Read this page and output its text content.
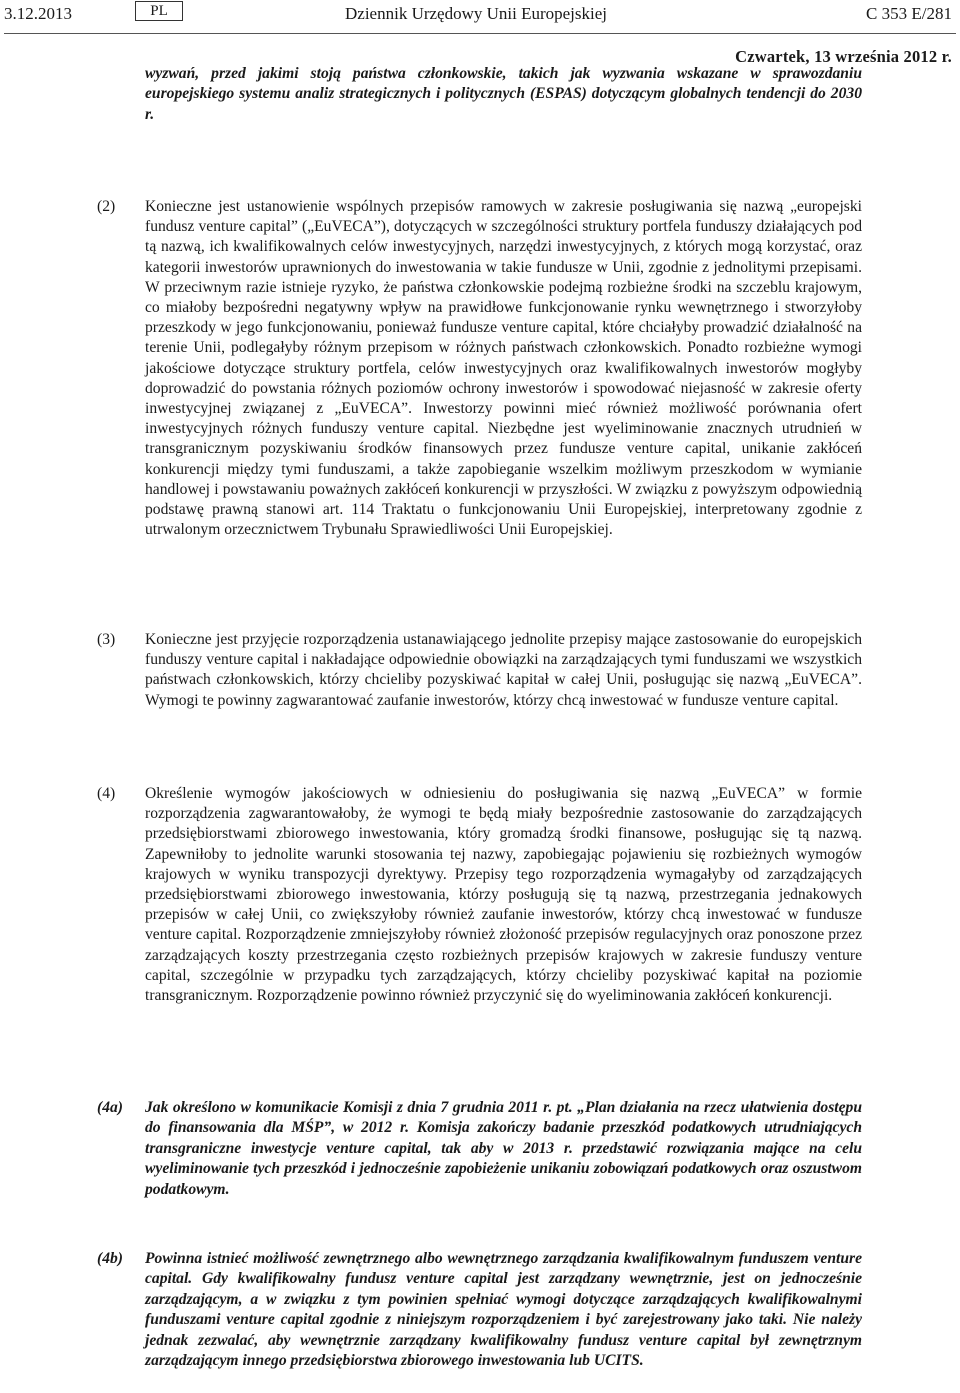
3.12.2013	PL	Dziennik Urzędowy Unii Europejskiej	C 353 E/281
Czwartek, 13 września 2012 r.

wyzwań, przed jakimi stoją państwa członkowskie, takich jak wyzwania wskazane w sprawozdaniu europejskiego systemu analiz strategicznych i politycznych (ESPAS) dotyczącym globalnych tendencji do 2030 r.

(2)	Konieczne jest ustanowienie wspólnych przepisów ramowych w zakresie posługiwania się nazwą „europejski fundusz venture capital” („EuVECA”), dotyczących w szczególności struktury portfela funduszy działających pod tą nazwą, ich kwalifikowalnych celów inwestycyjnych, narzędzi inwestycyjnych, z których mogą korzystać, oraz kategorii inwestorów uprawnionych do inwestowania w takie fundusze w Unii, zgodnie z jednolitymi przepisami. W przeciwnym razie istnieje ryzyko, że państwa członkowskie podejmą rozbieżne środki na szczeblu krajowym, co miałoby bezpośredni negatywny wpływ na prawidłowe funkcjonowanie rynku wewnętrznego i stworzyłoby przeszkody w jego funkcjonowaniu, ponieważ fundusze venture capital, które chciałyby prowadzić działalność na terenie Unii, podlegałyby różnym przepisom w różnych państwach członkowskich. Ponadto rozbieżne wymogi jakościowe dotyczące struktury portfela, celów inwestycyjnych oraz kwalifikowalnych inwestorów mogłyby doprowadzić do powstania różnych poziomów ochrony inwestorów i spowodować niejasność w zakresie oferty inwestycyjnej związanej z „EuVECA”. Inwestorzy powinni mieć również możliwość porównania ofert inwestycyjnych różnych funduszy venture capital. Niezbędne jest wyeliminowanie znacznych utrudnień w transgranicznym pozyskiwaniu środków finansowych przez fundusze venture capital, unikanie zakłóceń konkurencji między tymi funduszami, a także zapobieganie wszelkim możliwym przeszkodom w wymianie handlowej i powstawaniu poważnych zakłóceń konkurencji w przyszłości. W związku z powyższym odpowiednią podstawę prawną stanowi art. 114 Traktatu o funkcjonowaniu Unii Europejskiej, interpretowany zgodnie z utrwalonym orzecznictwem Trybunału Sprawiedliwości Unii Europejskiej.

(3)	Konieczne jest przyjęcie rozporządzenia ustanawiającego jednolite przepisy mające zastosowanie do europejskich funduszy venture capital i nakładające odpowiednie obowiązki na zarządzających tymi funduszami we wszystkich państwach członkowskich, którzy chcieliby pozyskiwać kapitał w całej Unii, posługując się nazwą „EuVECA”. Wymogi te powinny zagwarantować zaufanie inwestorów, którzy chcą inwestować w fundusze venture capital.

(4)	Określenie wymogów jakościowych w odniesieniu do posługiwania się nazwą „EuVECA” w formie rozporządzenia zagwarantowałoby, że wymogi te będą miały bezpośrednie zastosowanie do zarządzających przedsiębiorstwami zbiorowego inwestowania, który gromadzą środki finansowe, posługując się tą nazwą. Zapewniłoby to jednolite warunki stosowania tej nazwy, zapobiegając pojawieniu się rozbieżnych wymogów krajowych w wyniku transpozycji dyrektywy. Przepisy tego rozporządzenia wymagałyby od zarządzających przedsiębiorstwami zbiorowego inwestowania, którzy posługują się tą nazwą, przestrzegania jednakowych przepisów w całej Unii, co zwiększyłoby również zaufanie inwestorów, którzy chcą inwestować w fundusze venture capital. Rozporządzenie zmniejszyłoby również złożoność przepisów regulacyjnych oraz ponoszone przez zarządzających koszty przestrzegania często rozbieżnych przepisów krajowych w zakresie funduszy venture capital, szczególnie w przypadku tych zarządzających, którzy chcieliby pozyskiwać kapitał na poziomie transgranicznym. Rozporządzenie powinno również przyczynić się do wyeliminowania zakłóceń konkurencji.

(4a)	Jak określono w komunikacie Komisji z dnia 7 grudnia 2011 r. pt. „Plan działania na rzecz ułatwienia dostępu do finansowania dla MŚP”, w 2012 r. Komisja zakończy badanie przeszkód podatkowych utrudniających transgraniczne inwestycje venture capital, tak aby w 2013 r. przedstawić rozwiązania mające na celu wyeliminowanie tych przeszkód i jednocześnie zapobieżenie unikaniu zobowiązań podatkowych oraz oszustwom podatkowym.

(4b)	Powinna istnieć możliwość zewnętrznego albo wewnętrznego zarządzania kwalifikowalnym funduszem venture capital. Gdy kwalifikowalny fundusz venture capital jest zarządzany wewnętrznie, jest on jednocześnie zarządzającym, a w związku z tym powinien spełniać wymogi dotyczące zarządzających kwalifikowalnymi funduszami venture capital zgodnie z niniejszym rozporządzeniem i być zarejestrowany jako taki. Nie należy jednak zezwalać, aby wewnętrznie zarządzany kwalifikowalny fundusz venture capital był zewnętrznym zarządzającym innego przedsiębiorstwa zbiorowego inwestowania lub UCITS.
